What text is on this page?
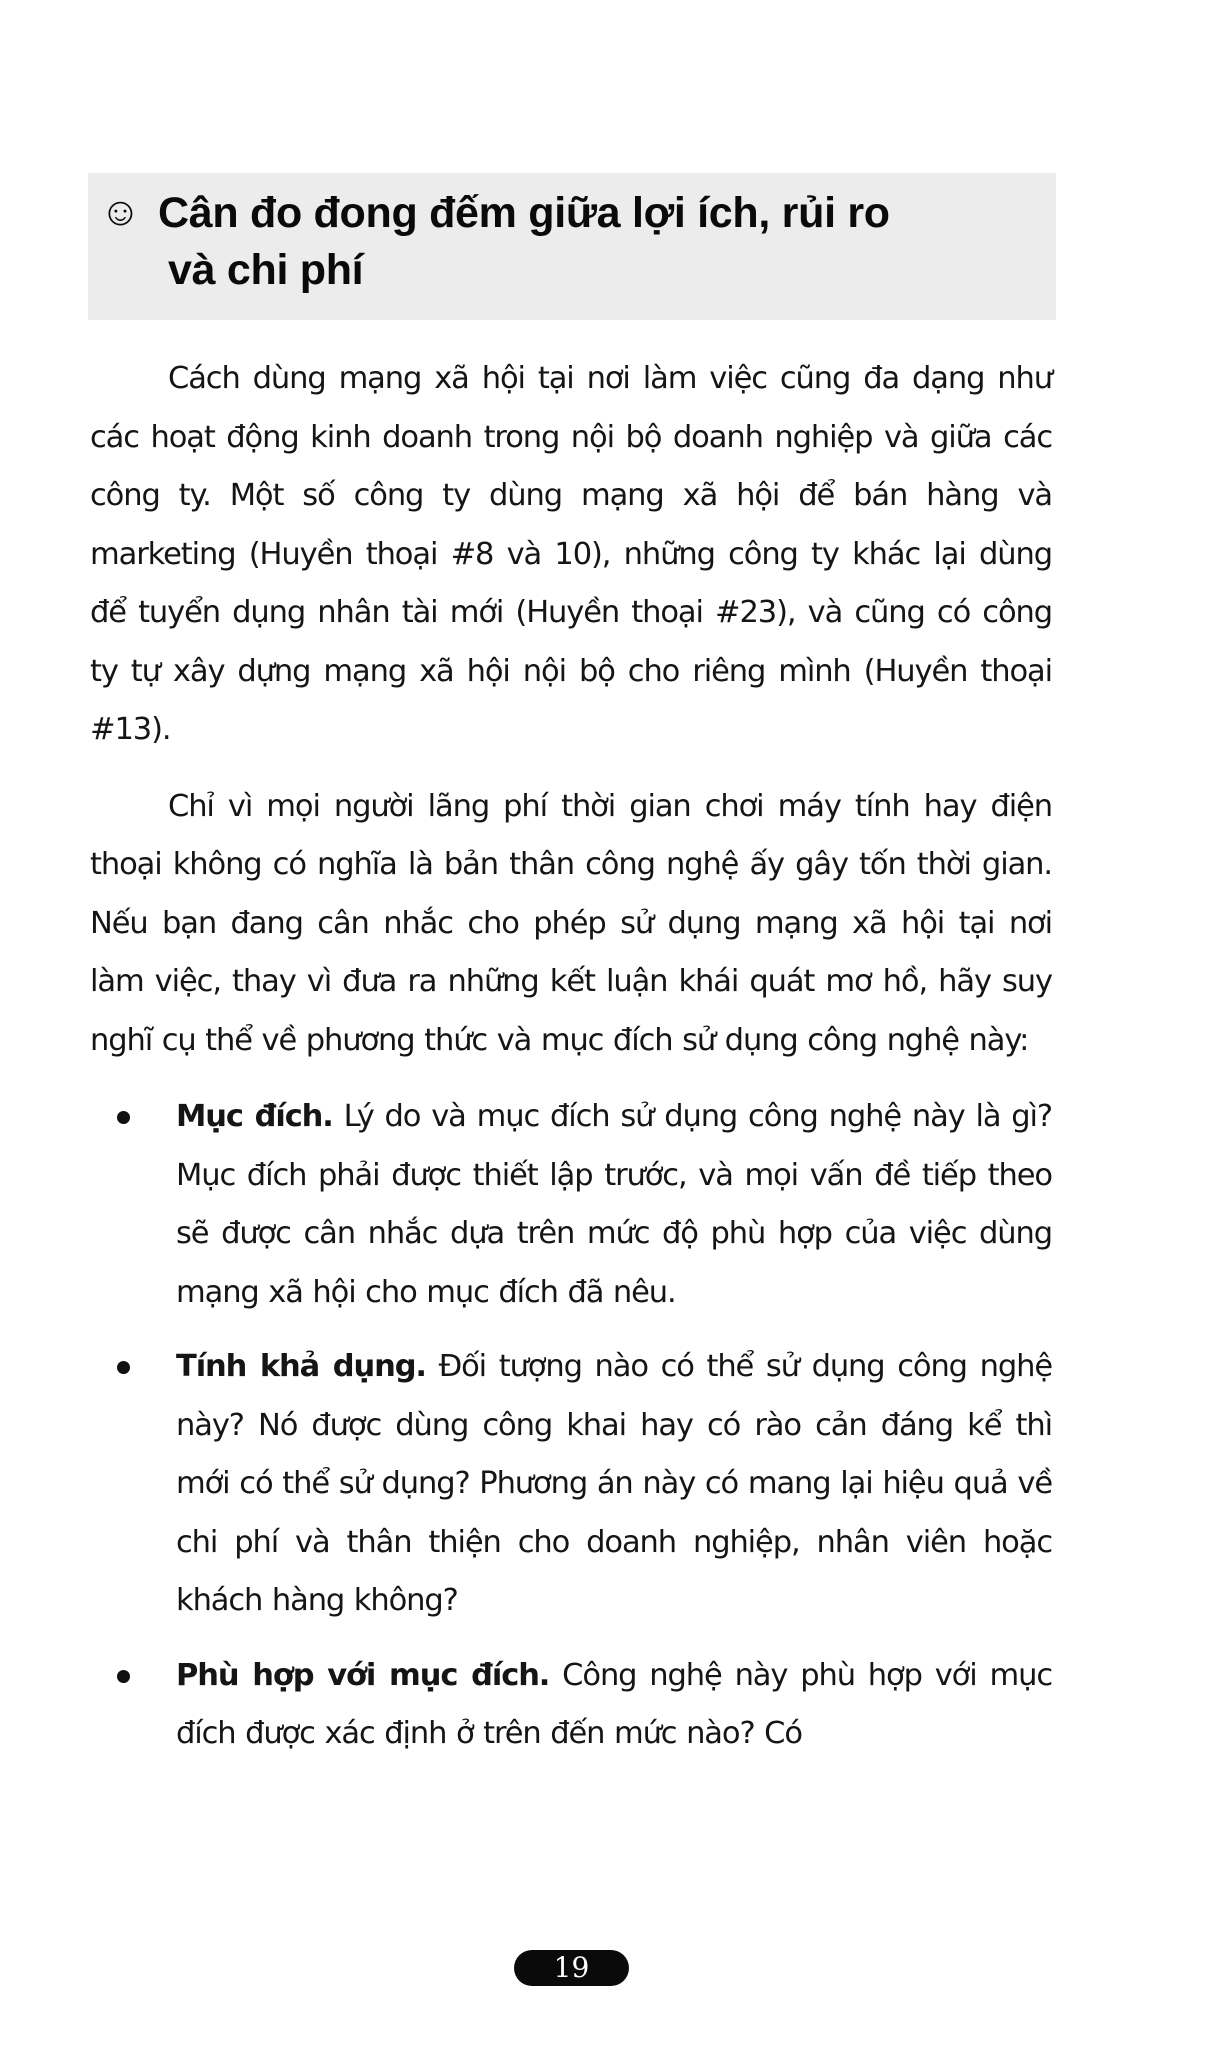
☺ Cân đo đong đếm giữa lợi ích, rủi ro
và chi phí

Cách dùng mạng xã hội tại nơi làm việc cũng đa dạng như các hoạt động kinh doanh trong nội bộ doanh nghiệp và giữa các công ty. Một số công ty dùng mạng xã hội để bán hàng và marketing (Huyền thoại #8 và 10), những công ty khác lại dùng để tuyển dụng nhân tài mới (Huyền thoại #23), và cũng có công ty tự xây dựng mạng xã hội nội bộ cho riêng mình (Huyền thoại #13).

Chỉ vì mọi người lãng phí thời gian chơi máy tính hay điện thoại không có nghĩa là bản thân công nghệ ấy gây tốn thời gian. Nếu bạn đang cân nhắc cho phép sử dụng mạng xã hội tại nơi làm việc, thay vì đưa ra những kết luận khái quát mơ hồ, hãy suy nghĩ cụ thể về phương thức và mục đích sử dụng công nghệ này:

Mục đích. Lý do và mục đích sử dụng công nghệ này là gì? Mục đích phải được thiết lập trước, và mọi vấn đề tiếp theo sẽ được cân nhắc dựa trên mức độ phù hợp của việc dùng mạng xã hội cho mục đích đã nêu.
Tính khả dụng. Đối tượng nào có thể sử dụng công nghệ này? Nó được dùng công khai hay có rào cản đáng kể thì mới có thể sử dụng? Phương án này có mang lại hiệu quả về chi phí và thân thiện cho doanh nghiệp, nhân viên hoặc khách hàng không?
Phù hợp với mục đích. Công nghệ này phù hợp với mục đích được xác định ở trên đến mức nào? Có
19
